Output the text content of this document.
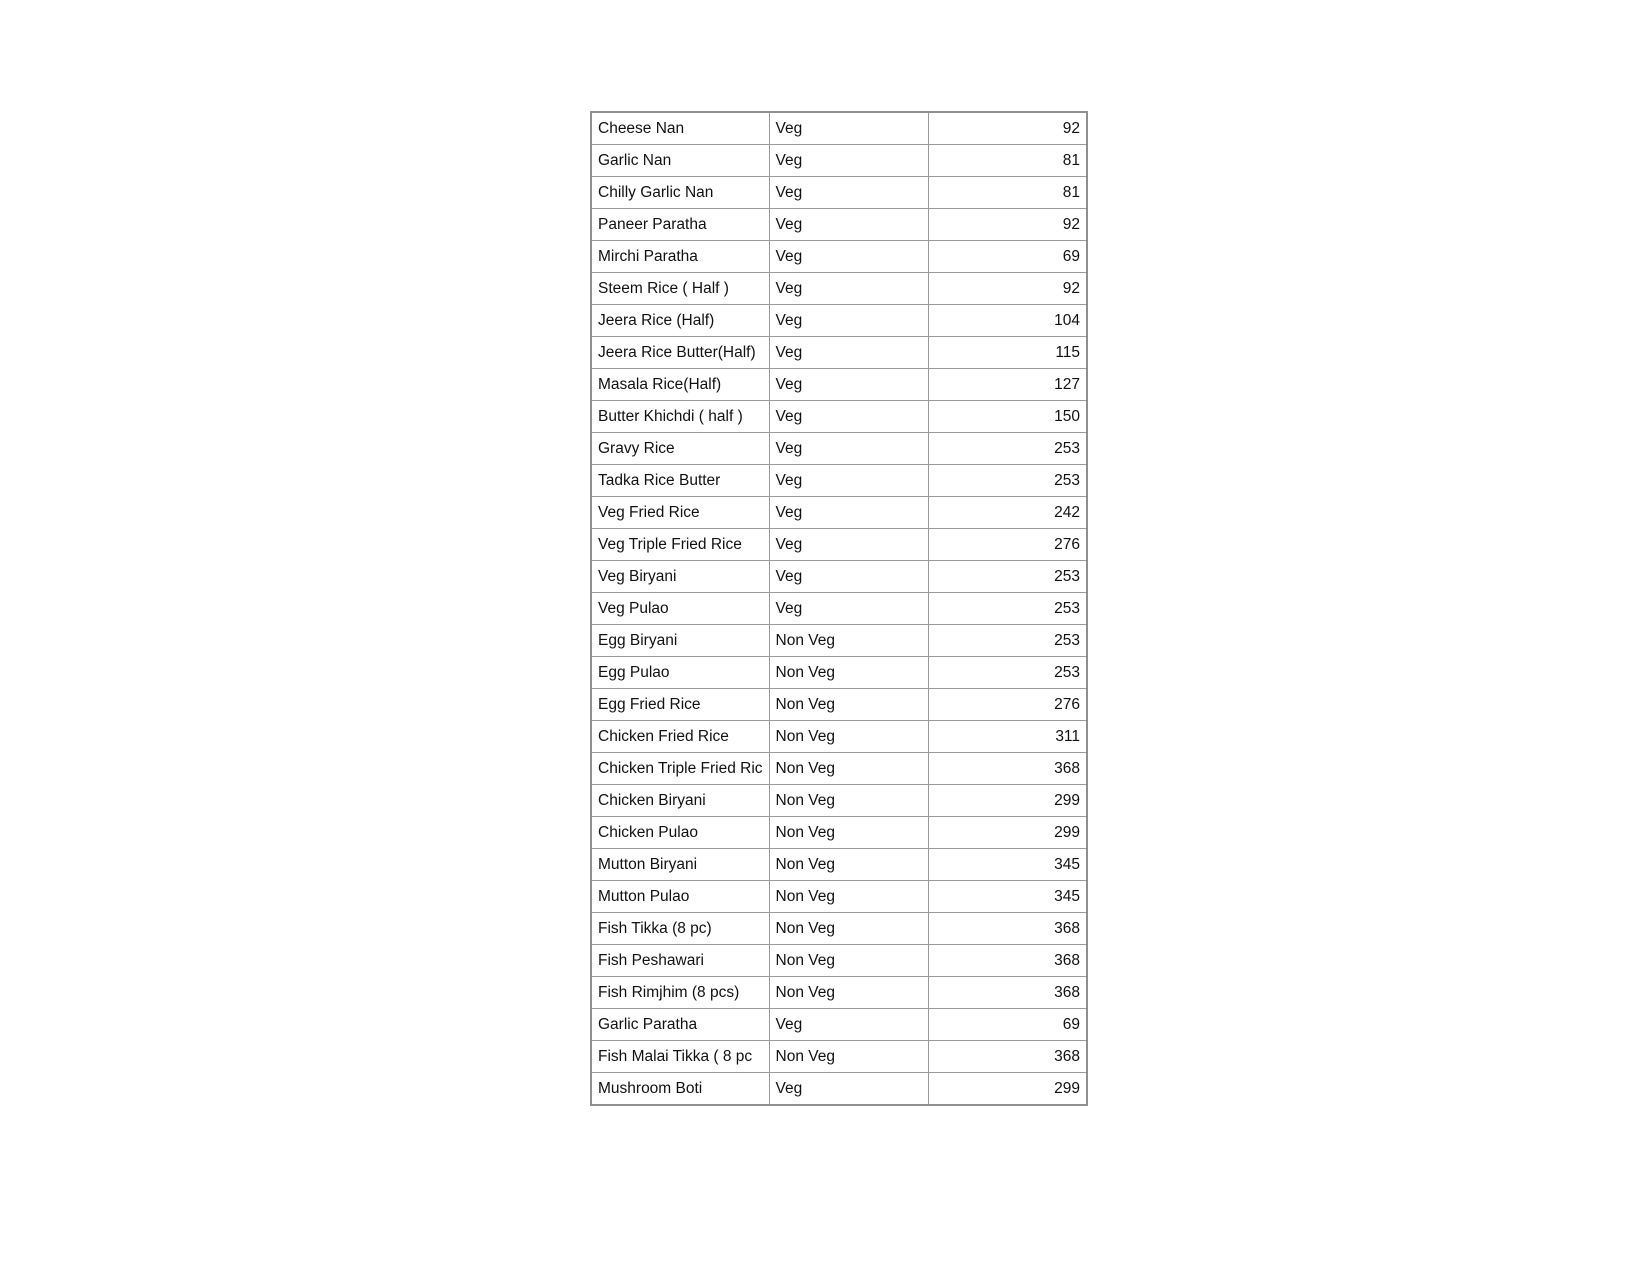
Cheese Nan	Veg	92
Garlic Nan	Veg	81
Chilly Garlic Nan	Veg	81
Paneer Paratha	Veg	92
Mirchi Paratha	Veg	69
Steem Rice ( Half )	Veg	92
Jeera Rice (Half)	Veg	104
Jeera Rice Butter(Half)	Veg	115
Masala Rice(Half)	Veg	127
Butter Khichdi ( half )	Veg	150
Gravy Rice	Veg	253
Tadka Rice Butter	Veg	253
Veg Fried Rice	Veg	242
Veg Triple Fried Rice	Veg	276
Veg Biryani	Veg	253
Veg Pulao	Veg	253
Egg Biryani	Non Veg	253
Egg Pulao	Non Veg	253
Egg Fried Rice	Non Veg	276
Chicken Fried Rice	Non Veg	311
Chicken Triple Fried Ric	Non Veg	368
Chicken Biryani	Non Veg	299
Chicken Pulao	Non Veg	299
Mutton Biryani	Non Veg	345
Mutton Pulao	Non Veg	345
Fish Tikka (8 pc)	Non Veg	368
Fish Peshawari	Non Veg	368
Fish Rimjhim (8 pcs)	Non Veg	368
Garlic Paratha	Veg	69
Fish Malai Tikka ( 8 pc	Non Veg	368
Mushroom Boti	Veg	299
